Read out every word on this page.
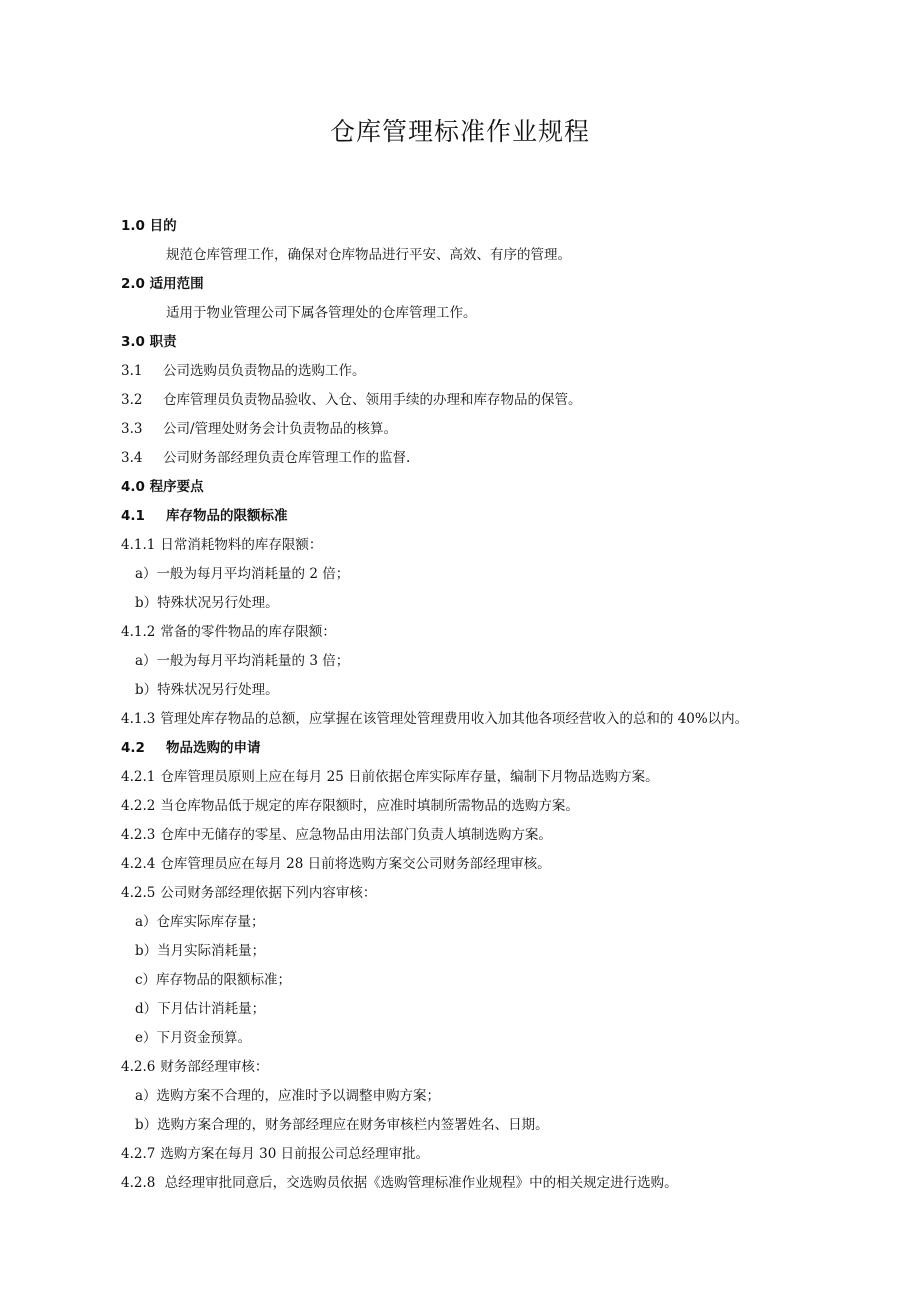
仓库管理标准作业规程
1.0 目的
规范仓库管理工作，确保对仓库物品进行平安、高效、有序的管理。
2.0 适用范围
适用于物业管理公司下属各管理处的仓库管理工作。
3.0 职责
3.1 公司选购员负责物品的选购工作。
3.2 仓库管理员负责物品验收、入仓、领用手续的办理和库存物品的保管。
3.3 公司/管理处财务会计负责物品的核算。
3.4 公司财务部经理负责仓库管理工作的监督.
4.0 程序要点
4.1 库存物品的限额标准
4.1.1 日常消耗物料的库存限额：
a）一般为每月平均消耗量的 2 倍；
b）特殊状况另行处理。
4.1.2 常备的零件物品的库存限额：
a）一般为每月平均消耗量的 3 倍；
b）特殊状况另行处理。
4.1.3 管理处库存物品的总额，应掌握在该管理处管理费用收入加其他各项经营收入的总和的 40%以内。
4.2 物品选购的申请
4.2.1 仓库管理员原则上应在每月 25 日前依据仓库实际库存量，编制下月物品选购方案。
4.2.2 当仓库物品低于规定的库存限额时，应准时填制所需物品的选购方案。
4.2.3 仓库中无储存的零星、应急物品由用法部门负责人填制选购方案。
4.2.4 仓库管理员应在每月 28 日前将选购方案交公司财务部经理审核。
4.2.5 公司财务部经理依据下列内容审核：
a）仓库实际库存量；
b）当月实际消耗量；
c）库存物品的限额标准；
d）下月估计消耗量；
e）下月资金预算。
4.2.6 财务部经理审核：
a）选购方案不合理的，应准时予以调整申购方案；
b）选购方案合理的，财务部经理应在财务审核栏内签署姓名、日期。
4.2.7 选购方案在每月 30 日前报公司总经理审批。
4.2.8 总经理审批同意后，交选购员依据《选购管理标准作业规程》中的相关规定进行选购。
